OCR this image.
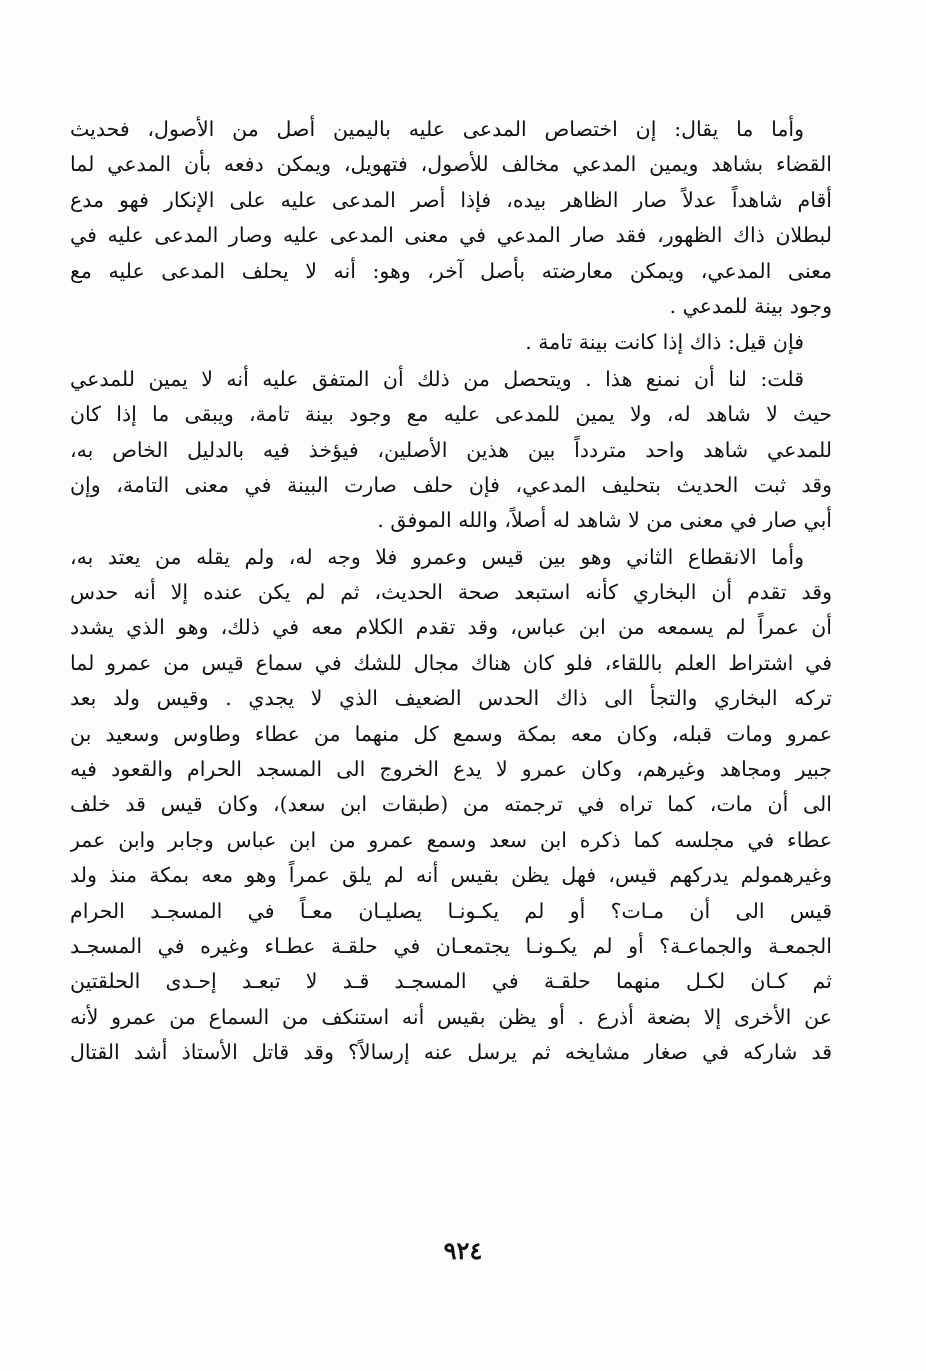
وأما ما يقال: إن اختصاص المدعى عليه باليمين أصل من الأصول، فحديث
القضاء بشاهد ويمين المدعي مخالف للأصول، فتهويل، ويمكن دفعه بأن المدعي لما
أقام شاهداً عدلاً صار الظاهر بيده، فإذا أصر المدعى عليه على الإنكار فهو مدع
لبطلان ذاك الظهور، فقد صار المدعي في معنى المدعى عليه وصار المدعى عليه في
معنى المدعي، ويمكن معارضته بأصل آخر، وهو: أنه لا يحلف المدعى عليه مع
وجود بينة للمدعي .
فإن قيل: ذاك إذا كانت بينة تامة .
قلت: لنا أن نمنع هذا . ويتحصل من ذلك أن المتفق عليه أنه لا يمين للمدعي
حيث لا شاهد له، ولا يمين للمدعى عليه مع وجود بينة تامة، ويبقى ما إذا كان
للمدعي شاهد واحد متردداً بين هذين الأصلين، فيؤخذ فيه بالدليل الخاص به،
وقد ثبت الحديث بتحليف المدعي، فإن حلف صارت البينة في معنى التامة، وإن
أبي صار في معنى من لا شاهد له أصلاً، والله الموفق .
وأما الانقطاع الثاني وهو بين قيس وعمرو فلا وجه له، ولم يقله من يعتد به،
وقد تقدم أن البخاري كأنه استبعد صحة الحديث، ثم لم يكن عنده إلا أنه حدس
أن عمراً لم يسمعه من ابن عباس، وقد تقدم الكلام معه في ذلك، وهو الذي يشدد
في اشتراط العلم باللقاء، فلو كان هناك مجال للشك في سماع قيس من عمرو لما
تركه البخاري والتجأ الى ذاك الحدس الضعيف الذي لا يجدي . وقيس ولد بعد
عمرو ومات قبله، وكان معه بمكة وسمع كل منهما من عطاء وطاوس وسعيد بن
جبير ومجاهد وغيرهم، وكان عمرو لا يدع الخروج الى المسجد الحرام والقعود فيه
الى أن مات، كما تراه في ترجمته من (طبقات ابن سعد)، وكان قيس قد خلف
عطاء في مجلسه كما ذكره ابن سعد وسمع عمرو من ابن عباس وجابر وابن عمر
وغيرهمولم يدركهم قيس، فهل يظن بقيس أنه لم يلق عمراً وهو معه بمكة منذ ولد
قيس الى أن مـات؟ أو لم يكـونـا يصليـان معـاً في المسجـد الحرام
الجمعـة والجماعـة؟ أو لم يكـونـا يجتمعـان في حلقـة عطـاء وغيره في المسجـد
ثم كـان لكـل منهما حلقـة في المسجـد قـد لا تبعـد إحـدى الحلقتين
عن الأخرى إلا بضعة أذرع . أو يظن بقيس أنه استنكف من السماع من عمرو لأنه
قد شاركه في صغار مشايخه ثم يرسل عنه إرسالاً؟ وقد قاتل الأستاذ أشد القتال
٩٢٤
